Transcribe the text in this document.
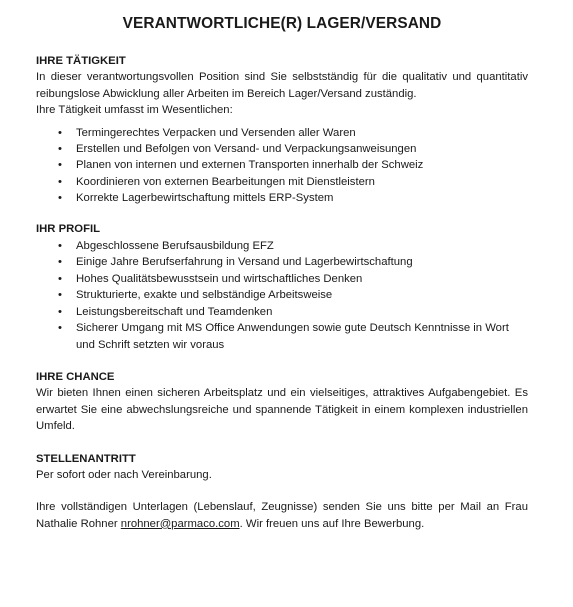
VERANTWORTLICHE(R) LAGER/VERSAND
IHRE TÄTIGKEIT

In dieser verantwortungsvollen Position sind Sie selbstständig für die qualitativ und quantitativ reibungslose Abwicklung aller Arbeiten im Bereich Lager/Versand zuständig.

Ihre Tätigkeit umfasst im Wesentlichen:

• Termingerechtes Verpacken und Versenden aller Waren
• Erstellen und Befolgen von Versand- und Verpackungsanweisungen
• Planen von internen und externen Transporten innerhalb der Schweiz
• Koordinieren von externen Bearbeitungen mit Dienstleistern
• Korrekte Lagerbewirtschaftung mittels ERP-System
IHR PROFIL
• Abgeschlossene Berufsausbildung EFZ
• Einige Jahre Berufserfahrung in Versand und Lagerbewirtschaftung
• Hohes Qualitätsbewusstsein und wirtschaftliches Denken
• Strukturierte, exakte und selbständige Arbeitsweise
• Leistungsbereitschaft und Teamdenken
• Sicherer Umgang mit MS Office Anwendungen sowie gute Deutsch Kenntnisse in Wort und Schrift setzten wir voraus
IHRE CHANCE

Wir bieten Ihnen einen sicheren Arbeitsplatz und ein vielseitiges, attraktives Aufgabengebiet. Es erwartet Sie eine abwechslungsreiche und spannende Tätigkeit in einem komplexen industriellen Umfeld.

STELLENANTRITT

Per sofort oder nach Vereinbarung.

Ihre vollständigen Unterlagen (Lebenslauf, Zeugnisse) senden Sie uns bitte per Mail an Frau Nathalie Rohner nrohner@parmaco.com. Wir freuen uns auf Ihre Bewerbung.
